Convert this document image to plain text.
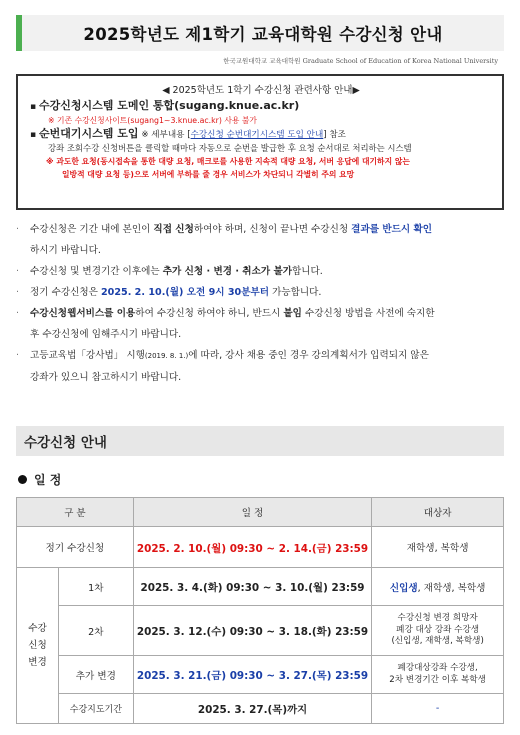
2025학년도 제1학기 교육대학원 수강신청 안내
한국교원대학교 교육대학원 Graduate School of Education of Korea National University
◀ 2025학년도 1학기 수강신청 관련사항 안내▶
▪ 수강신청시스템 도메인 통합(sugang.knue.ac.kr)
※ 기존 수강신청사이트(sugang1~3.knue.ac.kr) 사용 불가
▪ 순번대기시스템 도입 ※ 세부내용 [수강신청 순번대기시스템 도입 안내] 참조
강좌 조회수강 신청버튼을 클릭할 때마다 자동으로 순번을 발급한 후 요청 순서대로 처리하는 시스템
※ 과도한 요청(동시접속을 통한 대량 요청, 매크로를 사용한 지속적 대량 요청, 서버 응답에 대기하지 않는
일방적 대량 요청 등)으로 서버에 부하를 줄 경우 서비스가 차단되니 각별히 주의 요망
·	수강신청은 기간 내에 본인이 직접 신청하여야 하며, 신청이 끝나면 수강신청 결과를 반드시 확인
하시기 바랍니다.
·	수강신청 및 변경기간 이후에는 추가 신청 · 변경 · 취소가 불가합니다.
·	정기 수강신청은 2025. 2. 10.(월) 오전 9시 30분부터 가능합니다.
·	수강신청웹서비스를 이용하여 수강신청 하여야 하니, 반드시 붙임 수강신청 방법을 사전에 숙지한
후 수강신청에 임해주시기 바랍니다.
·	고등교육법「강사법」 시행(2019. 8. 1.)에 따라, 강사 채용 중인 경우 강의계획서가 입력되지 않은
강좌가 있으니 참고하시기 바랍니다.
수강신청 안내
일 정
구 분		일 정	대상자
정기 수강신청		2025. 2. 10.(월) 09:30 ~ 2. 14.(금) 23:59	재학생, 복학생
수강
신청
변경	1차	2025. 3. 4.(화) 09:30 ~ 3. 10.(월) 23:59	신입생, 재학생, 복학생
	2차	2025. 3. 12.(수) 09:30 ~ 3. 18.(화) 23:59	수강신청 변경 희망자
폐강 대상 강좌 수강생
(신입생, 재학생, 복학생)
	추가 변경	2025. 3. 21.(금) 09:30 ~ 3. 27.(목) 23:59	폐강대상강좌 수강생,
2차 변경기간 이후 복학생
	수강지도기간	2025. 3. 27.(목)까지	-
